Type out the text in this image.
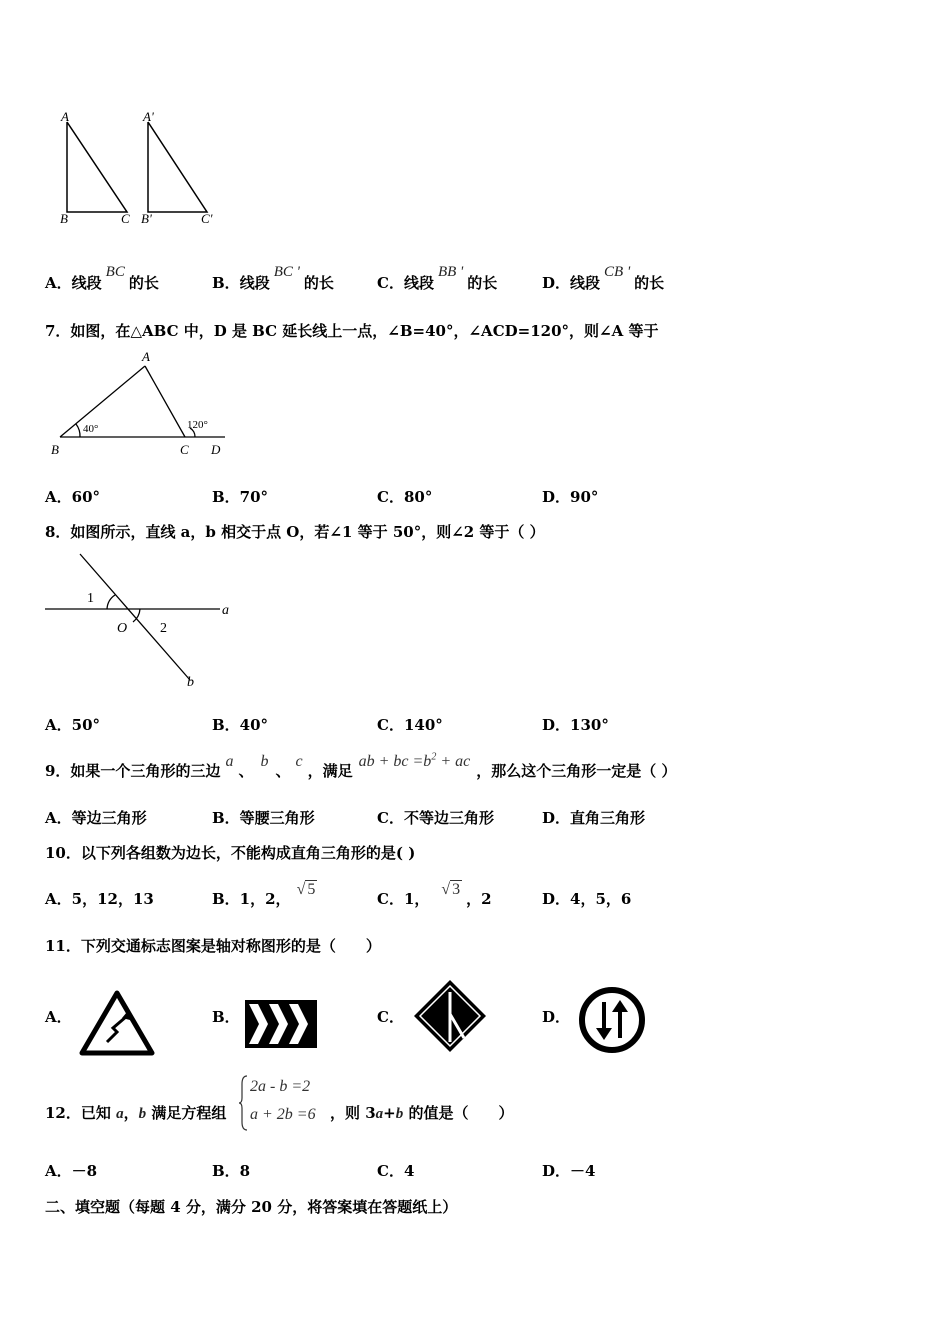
A
B	C
A'
B'	C'
A．线段BC的长	B．线段BC '的长	C．线段BB '的长	D．线段CB '的长
7．如图，在△ABC 中，D 是 BC 延长线上一点，∠B=40°，∠ACD=120°，则∠A 等于
A
B	C D
40°	120°
A．60°	B．70°	C．80°	D．90°
8．如图所示，直线 a，b 相交于点 O，若∠1 等于 50°，则∠2 等于（ ）
1
2
O
a
b
A．50°	B．40°	C．140°	D．130°
9．如果一个三角形的三边a、b、c，满足ab + bc $=b^2$ + ac，那么这个三角形一定是（ ）
A．等边三角形	B．等腰三角形	C．不等边三角形	D．直角三角形
10．以下列各组数为边长，不能构成直角三角形的是( )
A．5，12，13	B．1，2，√ 5
C．1，√ 3，2	D．4，5，6
11．下列交通标志图案是轴对称图形的是（　　）
A．	B．	C．	D．
12．已知 a，b 满足方程组
2a - b =2
a + 2b =6 ，则 3a+b 的值是（　　）
A．－8	B．8	C．4	D．－4
二、填空题（每题 4 分，满分 20 分，将答案填在答题纸上）
